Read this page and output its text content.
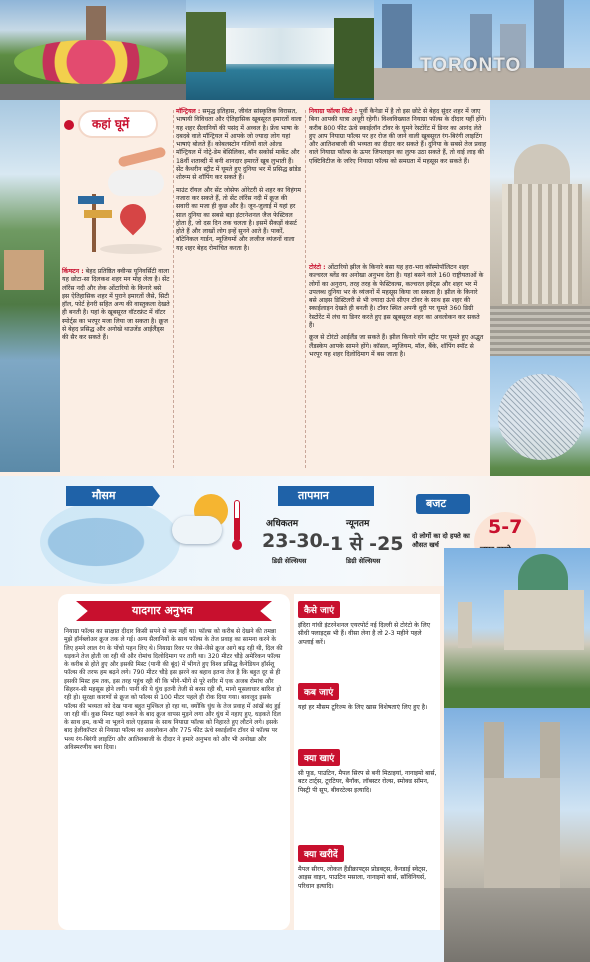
TORONTO
कहां घूमें
किंग्स्टन : बेहद प्रतिष्ठित क्वीन्स यूनिवर्सिटी वाला यह छोटा-सा दिलकश शहर मन मोह लेता है। सेंट लॉरेंस नदी और लेक ओंटारियो के किनारे बसे इस ऐतिहासिक शहर में पुराने इमारतों जैसे, सिटी हॉल, फोर्ट हेनरी सहित अन्य की वास्तुकला देखते ही बनती है। यहां के खूबसूरत वॉटरफ्रंट में वॉटर स्पोर्ट्स का भरपूर मजा लिया जा सकता है। क्रूज से बेहद प्रसिद्ध और अनोखे थाउजेंड आईलैंड्स की सैर कर सकते हैं।
मॉन्ट्रियल : समृद्ध इतिहास, जीवंत सांस्कृतिक विरासत, भाषायी विविधता और ऐतिहासिक खूबसूरत इमारतों वाला यह शहर सैलानियों की पसंद में अव्वल है। फ्रेंच भाषा के दबदबे वाले मॉन्ट्रियल में आपके जो ज्यादा लोग यहां भाषाएं बोलते हैं। कोबलस्टोन गलियों वाले ओल्ड मॉन्ट्रियल में नोट्रे-डेम बेसिलिका, बॉन सकोर्स मार्केट और 18वीं शताब्दी में बनी शानदार इमारतें खूब लुभाती हैं। सेंट कैथरीन स्ट्रीट में घूमते हुए दुनिया भर में प्रसिद्ध ब्रांडेड शोरूम से शॉपिंग कर सकते हैं।
माउंट रॉयल और सेंट जोसेफ ओरेटरी से शहर का विहंगम नजारा कर सकते हैं, तो सेंट लॉरेंस नदी में क्रूज की सवारी का मजा ही कुछ और है। जून-जुलाई में यहां हर साल दुनिया का सबसे बड़ा इंटरनेशनल जैज फेस्टिवल होता है, जो दस दिन तक चलता है। इसमें सैकड़ों कंसर्ट होते हैं और लाखों लोग इन्हें सुनने आते हैं। पार्कों, बॉटेनिकल गार्डन, म्यूजियमों और लजीज व्यंजनों वाला यह शहर बेहद रोमांचित करता है।
नियाग्रा फॉल्स सिटी : पूर्वी कैनेडा में है तो इस छोटे से बेहद सुंदर शहर में जाए बिना आपकी यात्रा अधूरी रहेगी। विश्वविख्यात नियाग्रा फॉल्स के दीदार यहीं होंगे। करीब 800 फीट ऊंचे स्काईलॉन टॉवर के घूमने रेस्टोरेंट में डिनर का आनंद लेते हुए आप नियाग्रा फॉल्स पर हर रोज की जाने वाली खूबसूरत रंग-बिरंगी लाइटिंग और आतिशबाजी की भव्यता का दीदार कर सकते हैं। दुनिया के सबसे तेज प्रवाह वाले नियाग्रा फॉल्स के ऊपर जिपलाइन का लुत्फ उठा सकते हैं, तो वाई लाइ की एक्टिविटीज के जरिए नियाग्रा फॉल्स को समग्रता में महसूस कर सकते हैं।
टोरंटो : ओंटारियो झील के किनारे बसा यह हरा-भरा कॉस्मोपॉलिटन शहर कल्चरल ब्लेंड का अनोखा अनुभव देता है। यहां बसने वाले 160 राष्ट्रीयताओं के लोगों का अनुराग, तरह तरह के फेस्टिवल्स, कल्चरल इवेंट्स और शहर भर में उपलब्ध दुनिया भर के व्यंजनों में महसूस किया जा सकता है। झील के किनारे बसे आइस डिस्टिलरी से भी ज्यादा ऊंचे सीएन टॉवर के साथ इस शहर की स्काईलाइन देखते ही बनती है। टॉवर स्थित अपनी धुरी पर घूमते 360 डिग्री रेस्टोरेंट में लंच या डिनर करते हुए इस खूबसूरत शहर का अवलोकन कर सकते हैं।
क्रूज से टोरंटो आईलैंड जा सकते हैं। झील किनारे योंग स्ट्रीट पर घूमते हुए अद्भुत लैंडस्केप आपके सामने होंगे। कॉसल, म्यूजियम, मॉल, बैंके, शॉपिंग स्पॉट से भरपूर यह शहर दिलोदिमाग में बस जाता है।
मौसम	तापमान
अधिकतम
23-30
डिग्री सेल्सियस
न्यूनतम
-1 से -25
डिग्री सेल्सियस
बजट
दो लोगों का दो हफ्ते का औसत खर्च
5-7
यादगार अनुभव
नियाग्रा फॉल्स का साक्षात दीदार किसी सपने से कम नहीं था। फॉल्स को करीब से देखने की तमन्ना मुझे हॉर्नब्लोअर क्रूज तक ले गई। अन्य सैलानियों के साथ फॉल्स के तेज प्रवाह का सामना करने के लिए हमने लाल रंग के पोंचो पहन लिए थे। नियाग्रा रिवर पर जैसे-जैसे क्रूज आगे बढ़ रही थी, दिल की धड़कने तेज होती जा रही थी और रोमांच दिलोदिमाग पर तारी था। 320 मीटर चौड़े अमेरिकन फॉल्स के करीब से होते हुए और इसकी मिस्ट (पानी की बूंद) में भीगते हुए विश्व प्रसिद्ध कैनेडियन हॉर्सशू फॉल्स की तरफ हम बढ़ने लगे। 790 मीटर चौड़े इस झरने का बहाव इतना तेज है कि बहुत दूर से ही इसकी मिस्ट हम तक, इस तरह पहुंच रही थी कि भीगे-भीगे से पूरे शरीर में एक अजब रोमांच और सिहरन-सी महसूस होने लगी। पानी की ये धुंध इतनी तेजी से बरस रही थी, मानो मूसलाधार बारिश हो रही हो। सुरक्षा कारणों से क्रूज को फॉल्स से 100 मीटर पहले ही रोक दिया गया। बावजूद इसके फॉल्स की भव्यता को देख पाना बहुत मुश्किल हो रहा था, क्योंकि धुंध के तेज प्रवाह में आंखें बंद हुई जा रही थीं। कुछ मिनट यहां रुकने के बाद क्रूज वापस मुड़ने लगा और धुंध में नहाए हुए, धड़कते दिल के साथ हम, कभी ना भूलने वाले एहसास के साथ नियाग्रा फॉल्स को निहारते हुए लौटने लगे। इसके बाद हेलीकॉप्टर से नियाग्रा फॉल्स का अवलोकन और 775 फीट ऊंचे स्काईलॉन टॉवर से फॉल्स पर भव्य रंग-बिरंगी लाइटिंग और आतिशबाजी के दीदार ने हमारे अनुभव को और भी अनोखा और अविस्मरणीय बना दिया।
कैसे जाएं
इंदिरा गांधी इंटरनेशनल एयरपोर्ट नई दिल्ली से टोरंटो के लिए सीधी फ्लाइट्स भी हैं। वीसा लेना है तो 2-3 महीने पहले अप्लाई करें।
कब जाएं
यहां हर मौसम टूरिज्म के लिए खास विशेषताएं लिए हुए है।
क्या खाएं
सी फूड, पाउटिन, मैपल सिरप से बनी मिठाइयां, नानाइमो बार्स, बटर टार्ट्स, टूरटियर, बैनॉक, लॉबस्टर रोल्स, स्मोक्ड सॉमन, पिस्ट्री पी सूप, बीवरटेल्स इत्यादि।
क्या खरीदें
मैपल सीरप, लोकल हैंडीक्राफ्ट्स प्रोडक्ट्स, कैनडाई स्वेट्स, आइस वाइन, पाउटिन मसाला, नानाइमो बार्स, सॉविनियर्स, परिधान इत्यादि।
